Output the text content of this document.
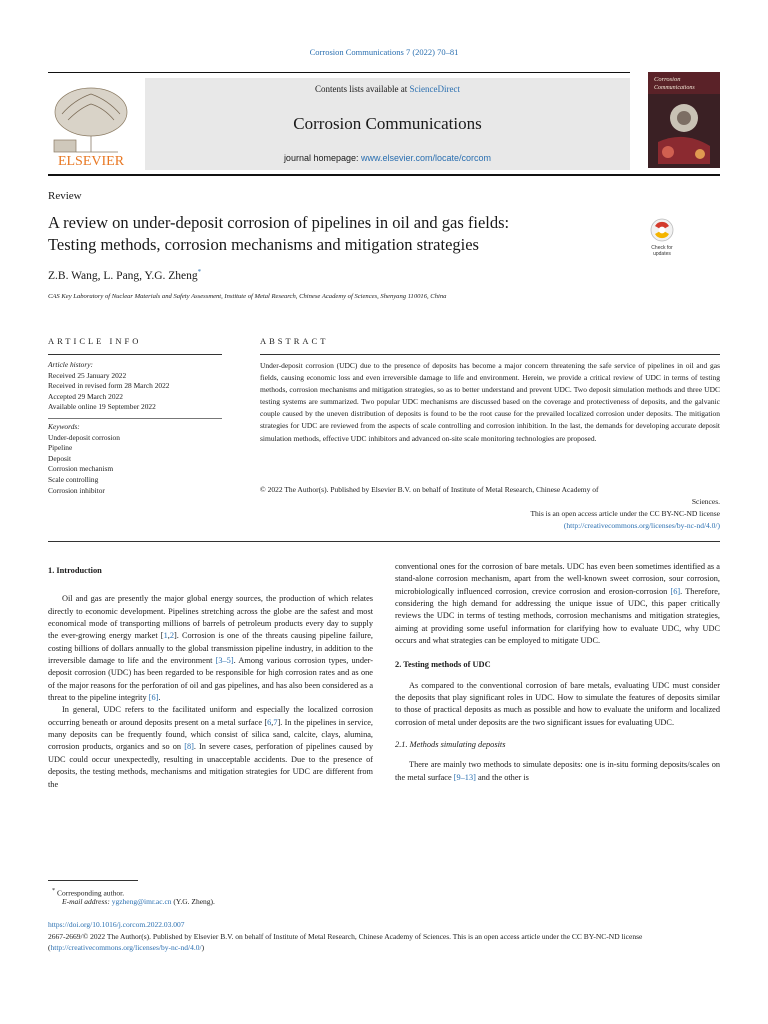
Corrosion Communications 7 (2022) 70–81
ELSEVIER
Contents lists available at ScienceDirect
Corrosion Communications
journal homepage: www.elsevier.com/locate/corcom
Corrosion
Communications
Review
A review on under-deposit corrosion of pipelines in oil and gas fields:
Testing methods, corrosion mechanisms and mitigation strategies	Check for
updates
Z.B. Wang, L. Pang, Y.G. Zheng*
CAS Key Laboratory of Nuclear Materials and Safety Assessment, Institute of Metal Research, Chinese Academy of Sciences, Shenyang 110016, China
ARTICLE INFO	ABSTRACT
Article history:
Received 25 January 2022
Received in revised form 28 March 2022
Accepted 29 March 2022
Available online 19 September 2022
Keywords:
Under-deposit corrosion
Pipeline
Deposit
Corrosion mechanism
Scale controlling
Corrosion inhibitor
Under-deposit corrosion (UDC) due to the presence of deposits has become a major concern threatening the safe service of pipelines in oil and gas fields, causing economic loss and even irreversible damage to life and environment. Herein, we provide a critical review of UDC in terms of testing methods, corrosion mechanisms and mitigation strategies, so as to better understand and prevent UDC. Two deposit simulation methods and three UDC testing systems are summarized. Two popular UDC mechanisms are discussed based on the coverage and protectiveness of deposits, and the galvanic couple caused by the uneven distribution of deposits is found to be the root cause for the prevailed localized corrosion under deposits. The mitigation strategies for UDC are reviewed from the aspects of scale controlling and corrosion inhibition. In the last, the demands for developing accurate deposit simulation methods, effective UDC inhibitors and advanced on-site scale monitoring technologies are proposed.
© 2022 The Author(s). Published by Elsevier B.V. on behalf of Institute of Metal Research, Chinese Academy of
Sciences.
This is an open access article under the CC BY-NC-ND license
(http://creativecommons.org/licenses/by-nc-nd/4.0/)
1. Introduction

Oil and gas are presently the major global energy sources, the production of which relates directly to economic development. Pipelines stretching across the globe are the safest and most economical mode of transporting millions of barrels of petroleum products every day to supply the ever-growing energy market [1,2]. Corrosion is one of the threats causing pipeline failure, costing billions of dollars annually to the global transmission pipeline industry, in addition to the irreversible damage to life and the environment [3–5]. Among various corrosion types, under-deposit corrosion (UDC) has been regarded to be responsible for high corrosion rates and as one of the major reasons for the perforation of oil and gas pipelines, and has also been considered as a threat to the pipeline integrity [6].

In general, UDC refers to the facilitated uniform and especially the localized corrosion occurring beneath or around deposits present on a metal surface [6,7]. In the pipelines in service, many deposits can be frequently found, which consist of silica sand, calcite, clays, alumina, corrosion products, organics and so on [8]. In severe cases, perforation of pipelines caused by UDC could occur unexpectedly, resulting in unacceptable accidents. Due to the presence of deposits, the testing methods, mechanisms and mitigation strategies for UDC are different from the

conventional ones for the corrosion of bare metals. UDC has even been sometimes identified as a stand-alone corrosion mechanism, apart from the well-known sweet corrosion, sour corrosion, microbiologically influenced corrosion, crevice corrosion and erosion-corrosion [6]. Therefore, considering the high demand for addressing the unique issue of UDC, this paper critically reviews the UDC in terms of testing methods, corrosion mechanisms and mitigation strategies, aiming at providing some useful information for clarifying how to evaluate UDC, why UDC occurs and what strategies can be employed to mitigate UDC.

2. Testing methods of UDC

As compared to the conventional corrosion of bare metals, evaluating UDC must consider the deposits that play significant roles in UDC. How to simulate the features of deposits similar to those of practical deposits as much as possible and how to evaluate the uniform and localized corrosion of metal under deposits are the two significant issues for evaluating UDC.

2.1. Methods simulating deposits

There are mainly two methods to simulate deposits: one is in-situ forming deposits/scales on the metal surface [9–13] and the other is

* Corresponding author.
E-mail address: ygzheng@imr.ac.cn (Y.G. Zheng).
https://doi.org/10.1016/j.corcom.2022.03.007
2667-2669/© 2022 The Author(s). Published by Elsevier B.V. on behalf of Institute of Metal Research, Chinese Academy of Sciences. This is an open access article under the CC BY-NC-ND license (http://creativecommons.org/licenses/by-nc-nd/4.0/)
